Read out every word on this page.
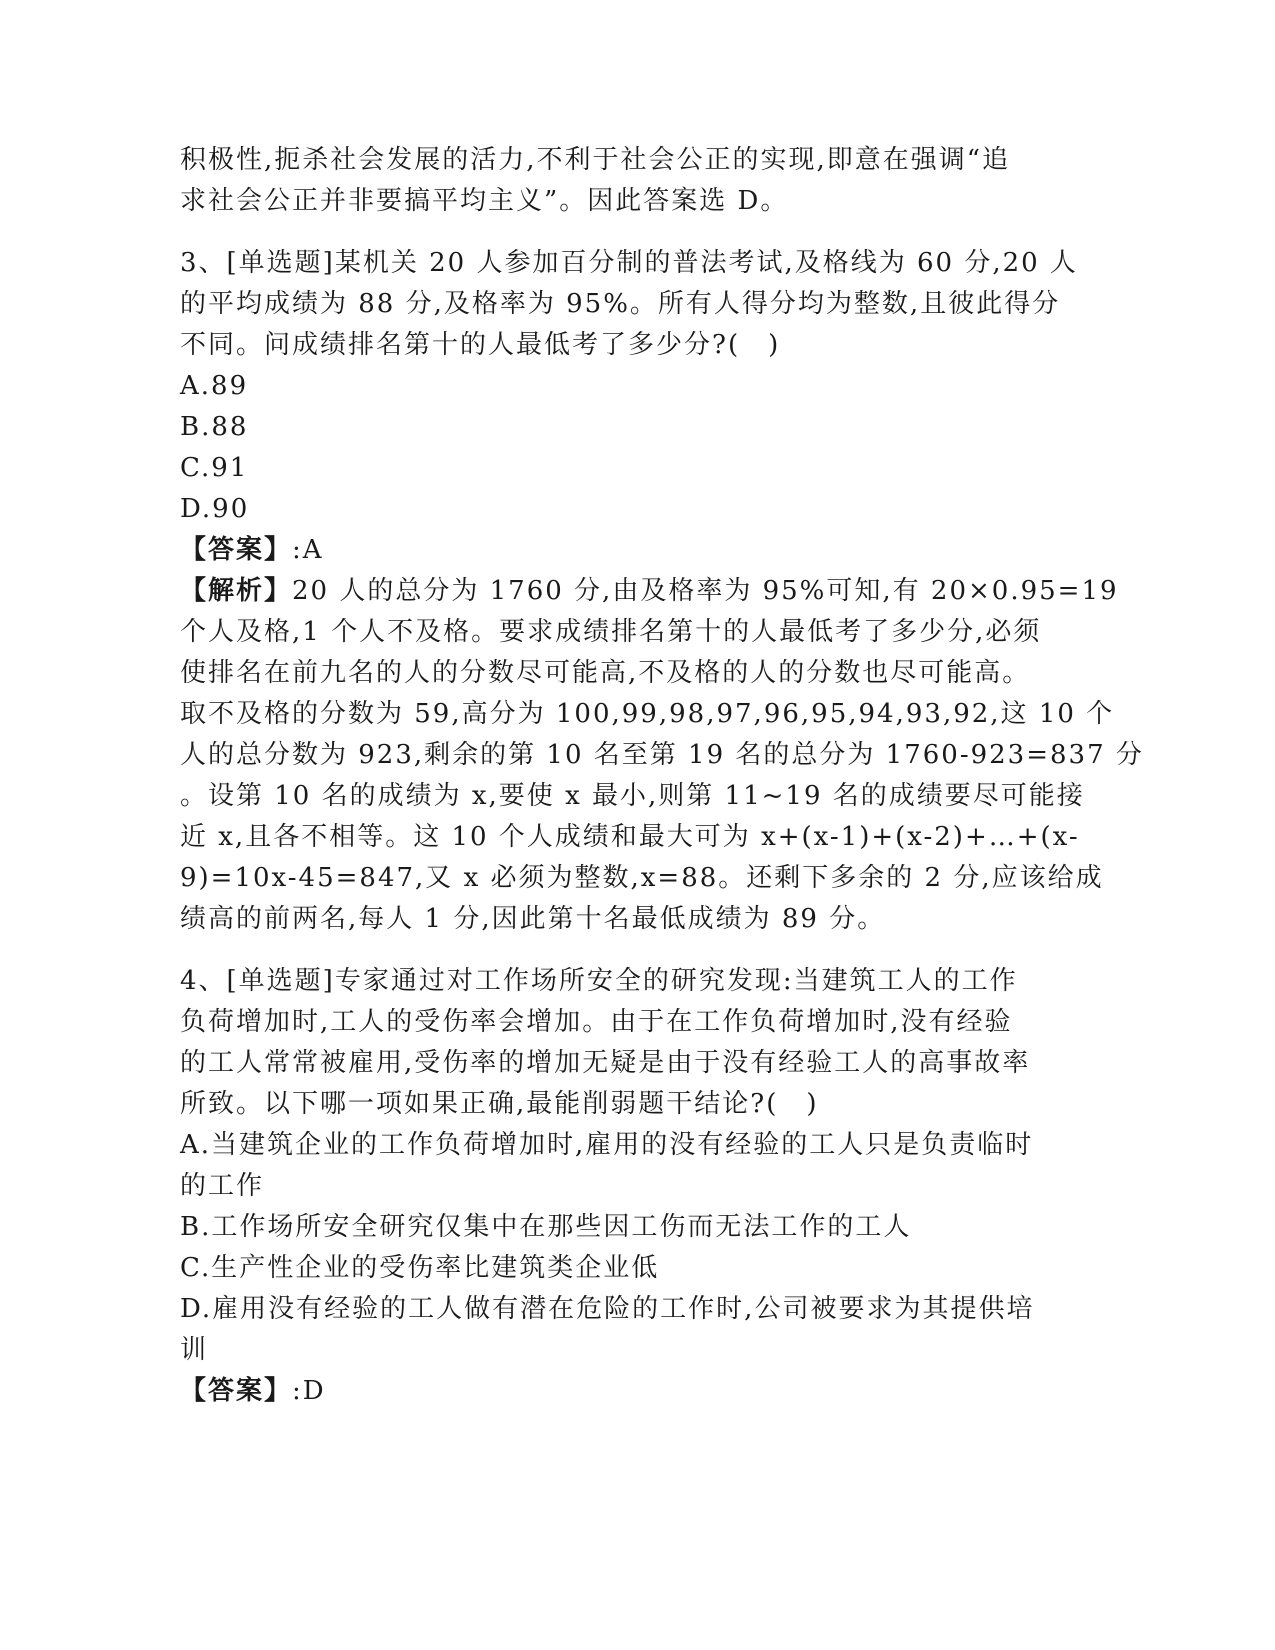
积极性,扼杀社会发展的活力,不利于社会公正的实现,即意在强调“追
求社会公正并非要搞平均主义”。因此答案选 D。
3、[单选题]某机关 20 人参加百分制的普法考试,及格线为 60 分,20 人
的平均成绩为 88 分,及格率为 95%。所有人得分均为整数,且彼此得分
不同。问成绩排名第十的人最低考了多少分?(　)
A.89
B.88
C.91
D.90
【答案】:A
【解析】20 人的总分为 1760 分,由及格率为 95%可知,有 20×0.95=19
个人及格,1 个人不及格。要求成绩排名第十的人最低考了多少分,必须
使排名在前九名的人的分数尽可能高,不及格的人的分数也尽可能高。
取不及格的分数为 59,高分为 100,99,98,97,96,95,94,93,92,这 10 个
人的总分数为 923,剩余的第 10 名至第 19 名的总分为 1760-923=837 分
。设第 10 名的成绩为 x,要使 x 最小,则第 11~19 名的成绩要尽可能接
近 x,且各不相等。这 10 个人成绩和最大可为 x+(x-1)+(x-2)+…+(x-
9)=10x-45=847,又 x 必须为整数,x=88。还剩下多余的 2 分,应该给成
绩高的前两名,每人 1 分,因此第十名最低成绩为 89 分。
4、[单选题]专家通过对工作场所安全的研究发现:当建筑工人的工作
负荷增加时,工人的受伤率会增加。由于在工作负荷增加时,没有经验
的工人常常被雇用,受伤率的增加无疑是由于没有经验工人的高事故率
所致。以下哪一项如果正确,最能削弱题干结论?(　)
A.当建筑企业的工作负荷增加时,雇用的没有经验的工人只是负责临时
的工作
B.工作场所安全研究仅集中在那些因工伤而无法工作的工人
C.生产性企业的受伤率比建筑类企业低
D.雇用没有经验的工人做有潜在危险的工作时,公司被要求为其提供培
训
【答案】:D
